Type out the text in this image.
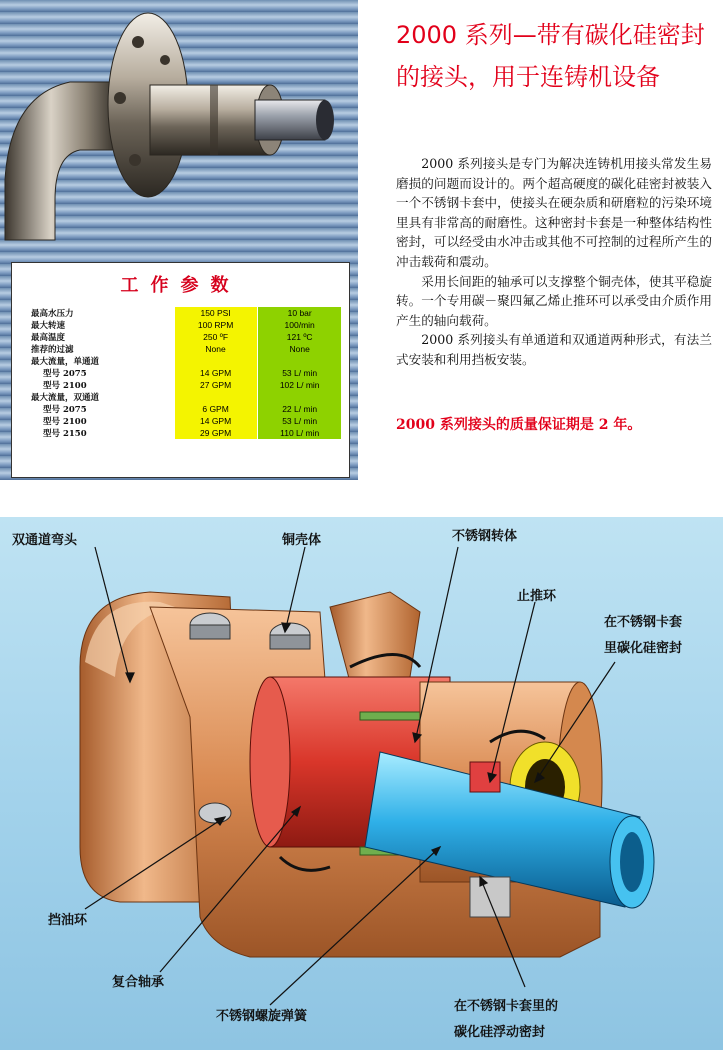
工作参数
最高水压力	150 PSI		10 bar
最大转速	100 RPM		100/min
最高温度	250 ºF		121 ºC
推荐的过滤	None		None
最大流量，单通道			
型号 2075	14 GPM		53 L/ min
型号 2100	27 GPM		102 L/ min
最大流量，双通道			
型号 2075	6 GPM		22 L/ min
型号 2100	14 GPM		53 L/ min
型号 2150	29 GPM		110 L/ min
2000 系列—带有碳化硅密封的接头，用于连铸机设备

2000 系列接头是专门为解决连铸机用接头常发生易磨损的问题而设计的。两个超高硬度的碳化硅密封被装入一个不锈钢卡套中，使接头在硬杂质和研磨粒的污染环境里具有非常高的耐磨性。这种密封卡套是一种整体结构性密封，可以经受由水冲击或其他不可控制的过程所产生的冲击载荷和震动。

采用长间距的轴承可以支撑整个铜壳体，使其平稳旋转。一个专用碳－聚四氟乙烯止推环可以承受由介质作用产生的轴向载荷。

2000 系列接头有单通道和双通道两种形式，有法兰式安装和利用挡板安装。

2000 系列接头的质量保证期是 2 年。
双通道弯头	铜壳体	不锈钢转体
止推环
在不锈钢卡套
里碳化硅密封
挡油环
复合轴承
不锈钢螺旋弹簧
在不锈钢卡套里的
碳化硅浮动密封
